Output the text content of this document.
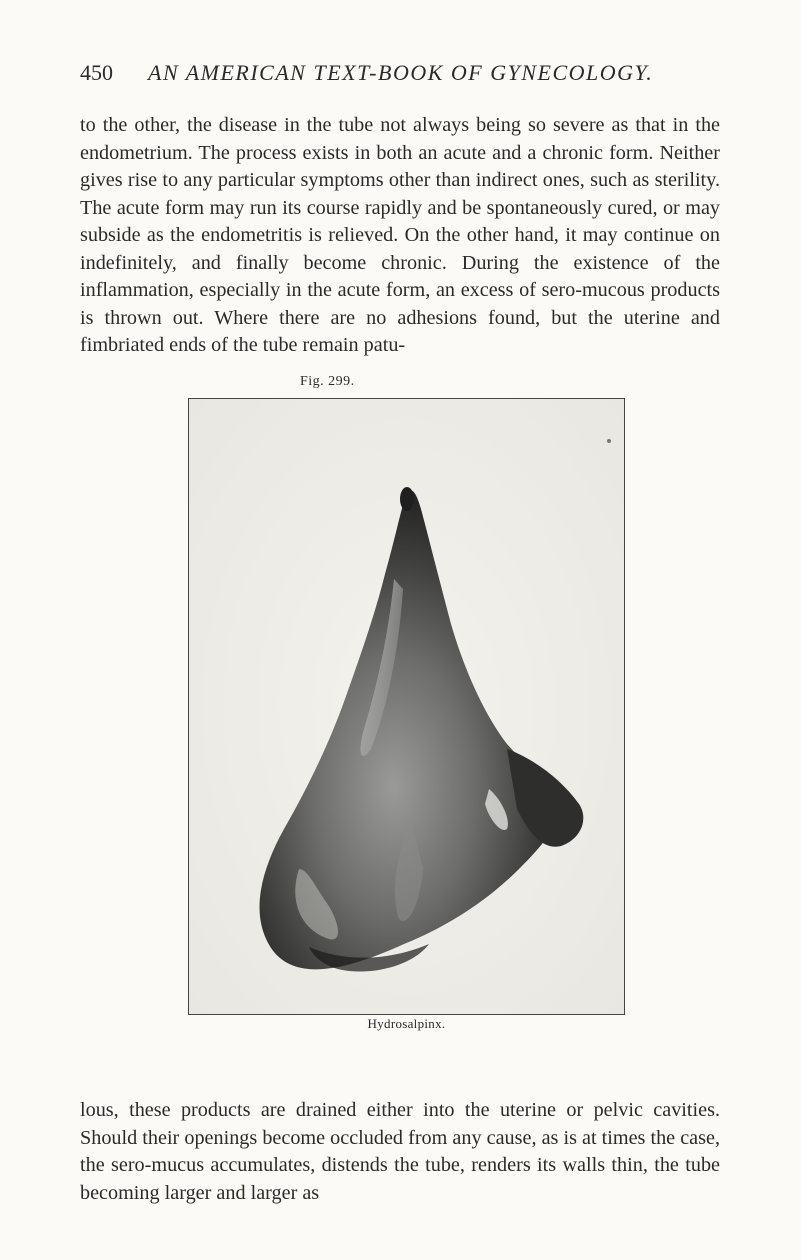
450 AN AMERICAN TEXT-BOOK OF GYNECOLOGY.

to the other, the disease in the tube not always being so severe as that in the endometrium. The process exists in both an acute and a chronic form. Neither gives rise to any particular symptoms other than indirect ones, such as sterility. The acute form may run its course rapidly and be spontaneously cured, or may subside as the endometritis is relieved. On the other hand, it may continue on indefinitely, and finally become chronic. During the existence of the inflammation, especially in the acute form, an excess of sero-mucous products is thrown out. Where there are no adhesions found, but the uterine and fimbriated ends of the tube remain patu-

Fig. 299.
Hydrosalpinx.

lous, these products are drained either into the uterine or pelvic cavities. Should their openings become occluded from any cause, as is at times the case, the sero-mucus accumulates, distends the tube, renders its walls thin, the tube becoming larger and larger as
